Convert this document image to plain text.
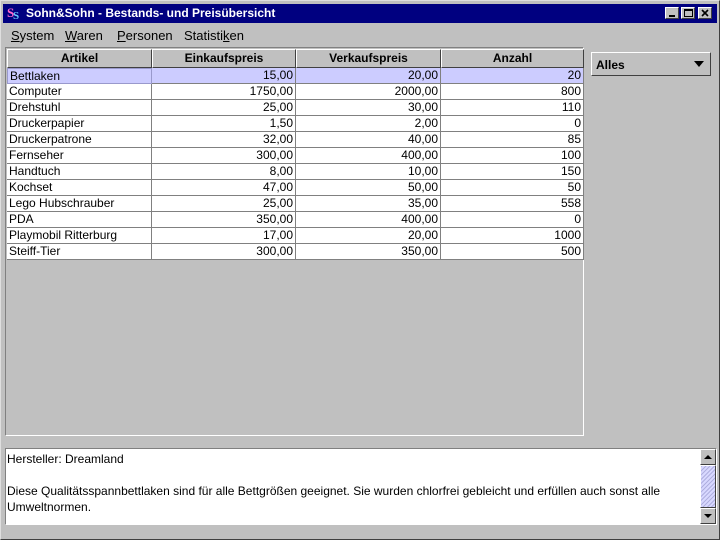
S
S Sohn&Sohn - Bestands- und Preisübersicht
System Waren Personen Statistiken
Artikel	Einkaufspreis	Verkaufspreis	Anzahl
Bettlaken	15,00	20,00	20
Computer	1750,00	2000,00	800
Drehstuhl	25,00	30,00	110
Druckerpapier	1,50	2,00	0
Druckerpatrone	32,00	40,00	85
Fernseher	300,00	400,00	100
Handtuch	8,00	10,00	150
Kochset	47,00	50,00	50
Lego Hubschrauber	25,00	35,00	558
PDA	350,00	400,00	0
Playmobil Ritterburg	17,00	20,00	1000
Steiff-Tier	300,00	350,00	500
Alles
Hersteller: Dreamland
Diese Qualitätsspannbettlaken sind für alle Bettgrößen geeignet. Sie wurden chlorfrei gebleicht und erfüllen auch sonst alle
Umweltnormen.
